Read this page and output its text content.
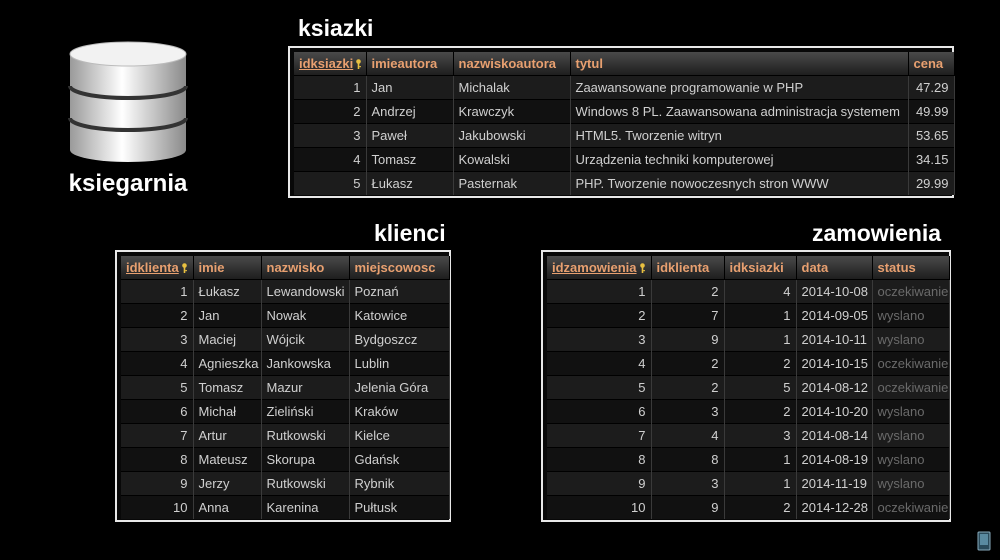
ksiegarnia
ksiazki
idksiazki	imieautora	nazwiskoautora	tytul	cena
1	Jan	Michalak	Zaawansowane programowanie w PHP	47.29
2	Andrzej	Krawczyk	Windows 8 PL. Zaawansowana administracja systemem	49.99
3	Paweł	Jakubowski	HTML5. Tworzenie witryn	53.65
4	Tomasz	Kowalski	Urządzenia techniki komputerowej	34.15
5	Łukasz	Pasternak	PHP. Tworzenie nowoczesnych stron WWW	29.99
klienci
idklienta	imie	nazwisko	miejscowosc
1	Łukasz	Lewandowski	Poznań
2	Jan	Nowak	Katowice
3	Maciej	Wójcik	Bydgoszcz
4	Agnieszka	Jankowska	Lublin
5	Tomasz	Mazur	Jelenia Góra
6	Michał	Zieliński	Kraków
7	Artur	Rutkowski	Kielce
8	Mateusz	Skorupa	Gdańsk
9	Jerzy	Rutkowski	Rybnik
10	Anna	Karenina	Pułtusk
zamowienia
idzamowienia	idklienta	idksiazki	data	status
1	2	4	2014-10-08	oczekiwanie
2	7	1	2014-09-05	wyslano
3	9	1	2014-10-11	wyslano
4	2	2	2014-10-15	oczekiwanie
5	2	5	2014-08-12	oczekiwanie
6	3	2	2014-10-20	wyslano
7	4	3	2014-08-14	wyslano
8	8	1	2014-08-19	wyslano
9	3	1	2014-11-19	wyslano
10	9	2	2014-12-28	oczekiwanie
